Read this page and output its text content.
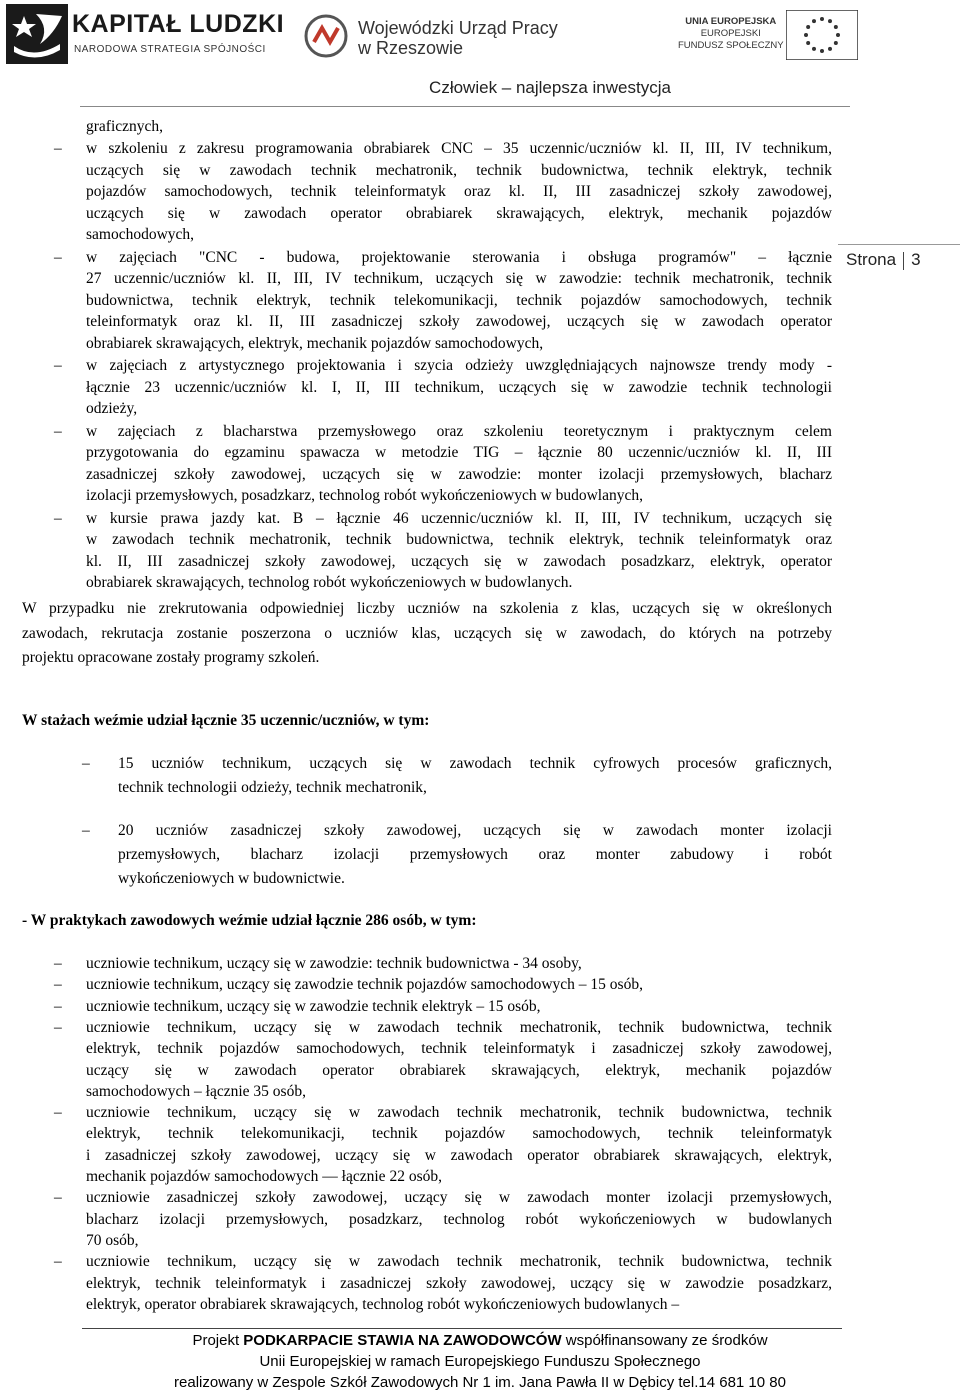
KAPITAŁ LUDZKI
NARODOWA STRATEGIA SPÓJNOŚCI
Wojewódzki Urząd Pracy
w Rzeszowie
UNIA EUROPEJSKA
EUROPEJSKI
FUNDUSZ SPOŁECZNY
Człowiek – najlepsza inwestycja
Strona 3
graficznych,
– w szkoleniu z zakresu programowania obrabiarek CNC – 35 uczennic/uczniów kl. II, III, IV technikum,
uczących się w zawodach technik mechatronik, technik budownictwa, technik elektryk, technik
pojazdów samochodowych, technik teleinformatyk oraz kl. II, III zasadniczej szkoły zawodowej,
uczących się w zawodach operator obrabiarek skrawających, elektryk, mechanik pojazdów
samochodowych,
– w zajęciach "CNC - budowa, projektowanie sterowania i obsługa programów" – łącznie
27 uczennic/uczniów kl. II, III, IV technikum, uczących się w zawodzie: technik mechatronik, technik
budownictwa, technik elektryk, technik telekomunikacji, technik pojazdów samochodowych, technik
teleinformatyk oraz kl. II, III zasadniczej szkoły zawodowej, uczących się w zawodach operator
obrabiarek skrawających, elektryk, mechanik pojazdów samochodowych,
– w zajęciach z artystycznego projektowania i szycia odzieży uwzględniających najnowsze trendy mody -
łącznie 23 uczennic/uczniów kl. I, II, III technikum, uczących się w zawodzie technik technologii
odzieży,
– w zajęciach z blacharstwa przemysłowego oraz szkoleniu teoretycznym i praktycznym celem
przygotowania do egzaminu spawacza w metodzie TIG – łącznie 80 uczennic/uczniów kl. II, III
zasadniczej szkoły zawodowej, uczących się w zawodzie: monter izolacji przemysłowych, blacharz
izolacji przemysłowych, posadzkarz, technolog robót wykończeniowych w budowlanych,
– w kursie prawa jazdy kat. B – łącznie 46 uczennic/uczniów kl. II, III, IV technikum, uczących się
w zawodach technik mechatronik, technik budownictwa, technik elektryk, technik teleinformatyk oraz
kl. II, III zasadniczej szkoły zawodowej, uczących się w zawodach posadzkarz, elektryk, operator
obrabiarek skrawających, technolog robót wykończeniowych w budowlanych.
W przypadku nie zrekrutowania odpowiedniej liczby uczniów na szkolenia z klas, uczących się w określonych
zawodach, rekrutacja zostanie poszerzona o uczniów klas, uczących się w zawodach, do których na potrzeby
projektu opracowane zostały programy szkoleń.
W stażach weźmie udział łącznie 35 uczennic/uczniów, w tym:
– 15 uczniów technikum, uczących się w zawodach technik cyfrowych procesów graficznych,
technik technologii odzieży, technik mechatronik,
– 20 uczniów zasadniczej szkoły zawodowej, uczących się w zawodach monter izolacji
przemysłowych, blacharz izolacji przemysłowych oraz monter zabudowy i robót
wykończeniowych w budownictwie.
- W praktykach zawodowych weźmie udział łącznie 286 osób, w tym:
– uczniowie technikum, uczący się w zawodzie: technik budownictwa - 34 osoby,
– uczniowie technikum, uczący się zawodzie technik pojazdów samochodowych – 15 osób,
– uczniowie technikum, uczący się w zawodzie technik elektryk – 15 osób,
– uczniowie technikum, uczący się w zawodach technik mechatronik, technik budownictwa, technik
elektryk, technik pojazdów samochodowych, technik teleinformatyk i zasadniczej szkoły zawodowej,
uczący się w zawodach operator obrabiarek skrawających, elektryk, mechanik pojazdów
samochodowych – łącznie 35 osób,
– uczniowie technikum, uczący się w zawodach technik mechatronik, technik budownictwa, technik
elektryk, technik telekomunikacji, technik pojazdów samochodowych, technik teleinformatyk
i zasadniczej szkoły zawodowej, uczący się w zawodach operator obrabiarek skrawających, elektryk,
mechanik pojazdów samochodowych — łącznie 22 osób,
– uczniowie zasadniczej szkoły zawodowej, uczący się w zawodach monter izolacji przemysłowych,
blacharz izolacji przemysłowych, posadzkarz, technolog robót wykończeniowych w budowlanych
70 osób,
– uczniowie technikum, uczący się w zawodach technik mechatronik, technik budownictwa, technik
elektryk, technik teleinformatyk i zasadniczej szkoły zawodowej, uczący się w zawodzie posadzkarz,
elektryk, operator obrabiarek skrawających, technolog robót wykończeniowych budowlanych –
Projekt PODKARPACIE STAWIA NA ZAWODOWCÓW współfinansowany ze środków
Unii Europejskiej w ramach Europejskiego Funduszu Społecznego
realizowany w Zespole Szkół Zawodowych Nr 1 im. Jana Pawła II w Dębicy tel.14 681 10 80
